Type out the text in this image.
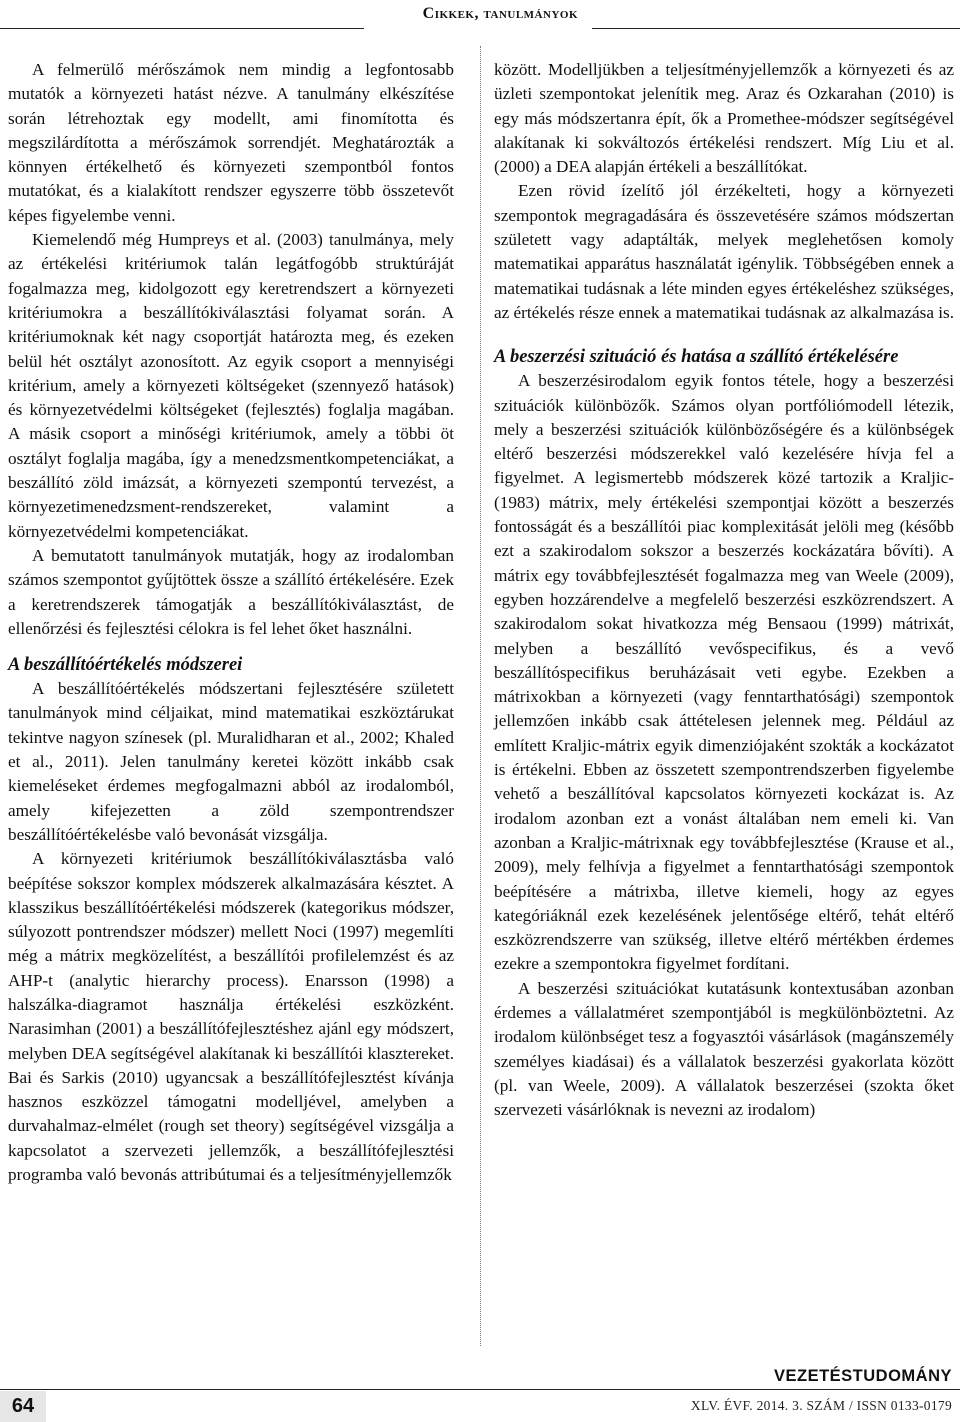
Cikkek, tanulmányok

A felmerülő mérőszámok nem mindig a legfontosabb mutatók a környezeti hatást nézve. A tanulmány elkészítése során létrehoztak egy modellt, ami finomította és megszilárdította a mérőszámok sorrendjét. Meghatározták a könnyen értékelhető és környezeti szempontból fontos mutatókat, és a kialakított rendszer egyszerre több összetevőt képes figyelembe venni.

Kiemelendő még Humpreys et al. (2003) tanulmánya, mely az értékelési kritériumok talán legátfogóbb struktúráját fogalmazza meg, kidolgozott egy keretrendszert a környezeti kritériumokra a beszállítókiválasztási folyamat során. A kritériumoknak két nagy csoportját határozta meg, és ezeken belül hét osztályt azonosított. Az egyik csoport a mennyiségi kritérium, amely a környezeti költségeket (szennyező hatások) és környezetvédelmi költségeket (fejlesztés) foglalja magában. A másik csoport a minőségi kritériumok, amely a többi öt osztályt foglalja magába, így a menedzsmentkompetenciákat, a beszállító zöld imázsát, a környezeti szempontú tervezést, a környezetimenedzsment-rendszereket, valamint a környezetvédelmi kompetenciákat.

A bemutatott tanulmányok mutatják, hogy az irodalomban számos szempontot gyűjtöttek össze a szállító értékelésére. Ezek a keretrendszerek támogatják a beszállítókiválasztást, de ellenőrzési és fejlesztési célokra is fel lehet őket használni.

A beszállítóértékelés módszerei

A beszállítóértékelés módszertani fejlesztésére született tanulmányok mind céljaikat, mind matematikai eszköztárukat tekintve nagyon színesek (pl. Muralidharan et al., 2002; Khaled et al., 2011). Jelen tanulmány keretei között inkább csak kiemeléseket érdemes megfogalmazni abból az irodalomból, amely kifejezetten a zöld szempontrendszer beszállítóértékelésbe való bevonását vizsgálja.

A környezeti kritériumok beszállítókiválasztásba való beépítése sokszor komplex módszerek alkalmazására késztet. A klasszikus beszállítóértékelési módszerek (kategorikus módszer, súlyozott pontrendszer módszer) mellett Noci (1997) megemlíti még a mátrix megközelítést, a beszállítói profilelemzést és az AHP-t (analytic hierarchy process). Enarsson (1998) a halszálka-diagramot használja értékelési eszközként. Narasimhan (2001) a beszállítófejlesztéshez ajánl egy módszert, melyben DEA segítségével alakítanak ki beszállítói klasztereket. Bai és Sarkis (2010) ugyancsak a beszállítófejlesztést kívánja hasznos eszközzel támogatni modelljével, amelyben a durvahalmaz-elmélet (rough set theory) segítségével vizsgálja a kapcsolatot a szervezeti jellemzők, a beszállítófejlesztési programba való bevonás attribútumai és a teljesítményjellemzők

között. Modelljükben a teljesítményjellemzők a környezeti és az üzleti szempontokat jelenítik meg. Araz és Ozkarahan (2010) is egy más módszertanra épít, ők a Promethee-módszer segítségével alakítanak ki sokváltozós értékelési rendszert. Míg Liu et al. (2000) a DEA alapján értékeli a beszállítókat.

Ezen rövid ízelítő jól érzékelteti, hogy a környezeti szempontok megragadására és összevetésére számos módszertan született vagy adaptálták, melyek meglehetősen komoly matematikai apparátus használatát igénylik. Többségében ennek a matematikai tudásnak a léte minden egyes értékeléshez szükséges, az értékelés része ennek a matematikai tudásnak az alkalmazása is.

A beszerzési szituáció és hatása a szállító értékelésére

A beszerzésirodalom egyik fontos tétele, hogy a beszerzési szituációk különbözők. Számos olyan portfóliómodell létezik, mely a beszerzési szituációk különbözőségére és a különbségek eltérő beszerzési módszerekkel való kezelésére hívja fel a figyelmet. A legismertebb módszerek közé tartozik a Kraljic-(1983) mátrix, mely értékelési szempontjai között a beszerzés fontosságát és a beszállítói piac komplexitását jelöli meg (később ezt a szakirodalom sokszor a beszerzés kockázatára bővíti). A mátrix egy továbbfejlesztését fogalmazza meg van Weele (2009), egyben hozzárendelve a megfelelő beszerzési eszközrendszert. A szakirodalom sokat hivatkozza még Bensaou (1999) mátrixát, melyben a beszállító vevőspecifikus, és a vevő beszállítóspecifikus beruházásait veti egybe. Ezekben a mátrixokban a környezeti (vagy fenntarthatósági) szempontok jellemzően inkább csak áttételesen jelennek meg. Például az említett Kraljic-mátrix egyik dimenziójaként szokták a kockázatot is értékelni. Ebben az összetett szempontrendszerben figyelembe vehető a beszállítóval kapcsolatos környezeti kockázat is. Az irodalom azonban ezt a vonást általában nem emeli ki. Van azonban a Kraljic-mátrixnak egy továbbfejlesztése (Krause et al., 2009), mely felhívja a figyelmet a fenntarthatósági szempontok beépítésére a mátrixba, illetve kiemeli, hogy az egyes kategóriáknál ezek kezelésének jelentősége eltérő, tehát eltérő eszközrendszerre van szükség, illetve eltérő mértékben érdemes ezekre a szempontokra figyelmet fordítani.

A beszerzési szituációkat kutatásunk kontextusában azonban érdemes a vállalatméret szempontjából is megkülönböztetni. Az irodalom különbséget tesz a fogyasztói vásárlások (magánszemély személyes kiadásai) és a vállalatok beszerzési gyakorlata között (pl. van Weele, 2009). A vállalatok beszerzései (szokta őket szervezeti vásárlóknak is nevezni az irodalom)

VEZETÉSTUDOMÁNY
64	XLV. ÉVF. 2014. 3. SZÁM / ISSN 0133-0179
